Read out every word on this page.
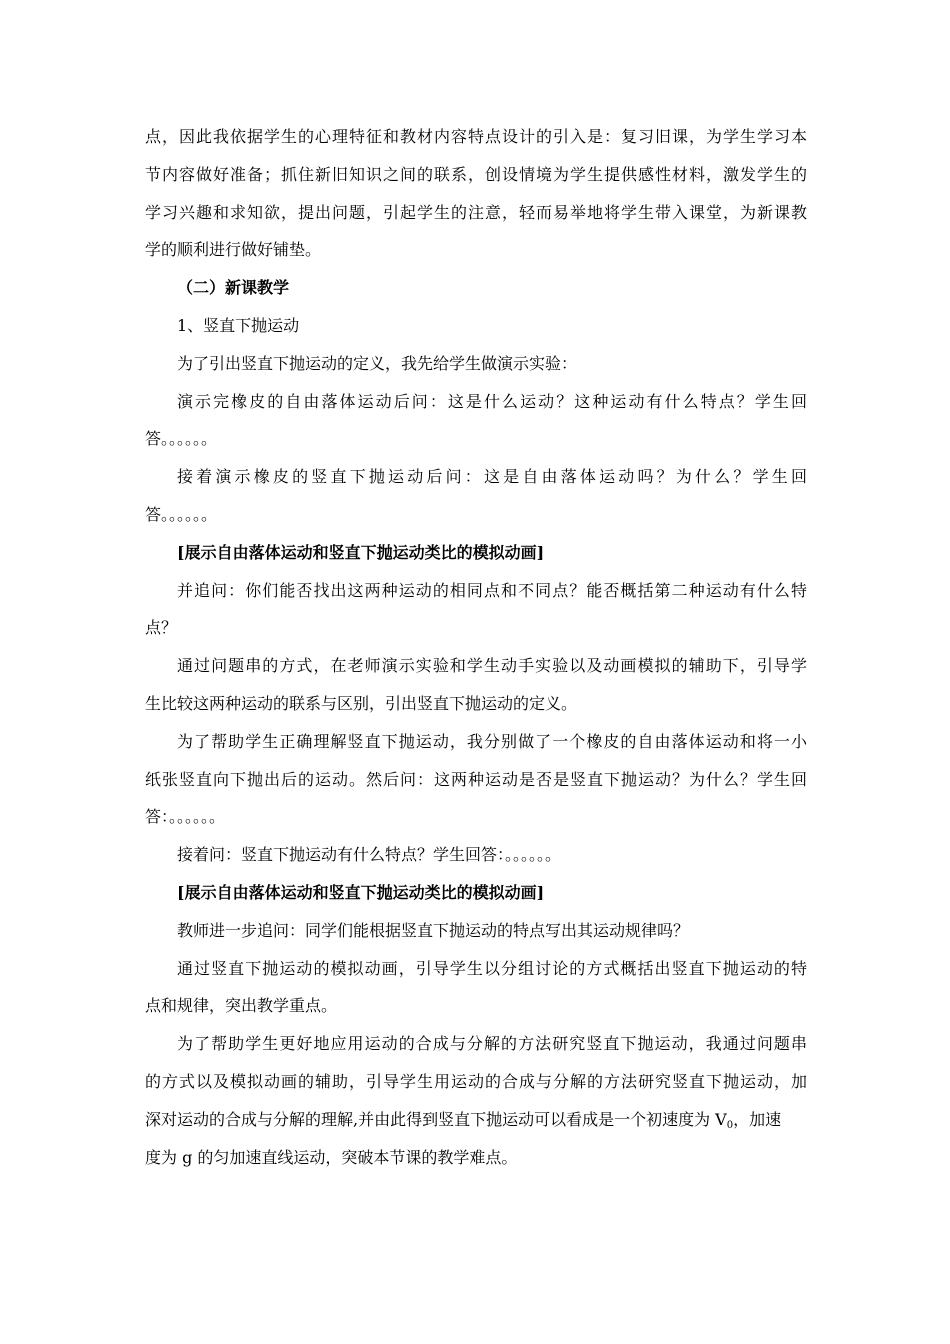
点，因此我依据学生的心理特征和教材内容特点设计的引入是：复习旧课，为学生学习本
节内容做好准备；抓住新旧知识之间的联系，创设情境为学生提供感性材料，激发学生的
学习兴趣和求知欲，提出问题，引起学生的注意，轻而易举地将学生带入课堂，为新课教
学的顺利进行做好铺垫。
（二）新课教学
1、竖直下抛运动
为了引出竖直下抛运动的定义，我先给学生做演示实验：
演示完橡皮的自由落体运动后问：这是什么运动？这种运动有什么特点？学生回
答。。。。。。
接着演示橡皮的竖直下抛运动后问：这是自由落体运动吗？为什么？学生回
答。。。。。。
[展示自由落体运动和竖直下抛运动类比的模拟动画]
并追问：你们能否找出这两种运动的相同点和不同点？能否概括第二种运动有什么特
点？
通过问题串的方式，在老师演示实验和学生动手实验以及动画模拟的辅助下，引导学
生比较这两种运动的联系与区别，引出竖直下抛运动的定义。
为了帮助学生正确理解竖直下抛运动，我分别做了一个橡皮的自由落体运动和将一小
纸张竖直向下抛出后的运动。然后问：这两种运动是否是竖直下抛运动？为什么？学生回
答：。。。。。。
接着问：竖直下抛运动有什么特点？学生回答：。。。。。。
[展示自由落体运动和竖直下抛运动类比的模拟动画]
教师进一步追问：同学们能根据竖直下抛运动的特点写出其运动规律吗？
通过竖直下抛运动的模拟动画，引导学生以分组讨论的方式概括出竖直下抛运动的特
点和规律，突出教学重点。
为了帮助学生更好地应用运动的合成与分解的方法研究竖直下抛运动，我通过问题串
的方式以及模拟动画的辅助，引导学生用运动的合成与分解的方法研究竖直下抛运动，加
深对运动的合成与分解的理解,并由此得到竖直下抛运动可以看成是一个初速度为 $V_0$，加速
度为 g 的匀加速直线运动，突破本节课的教学难点。
